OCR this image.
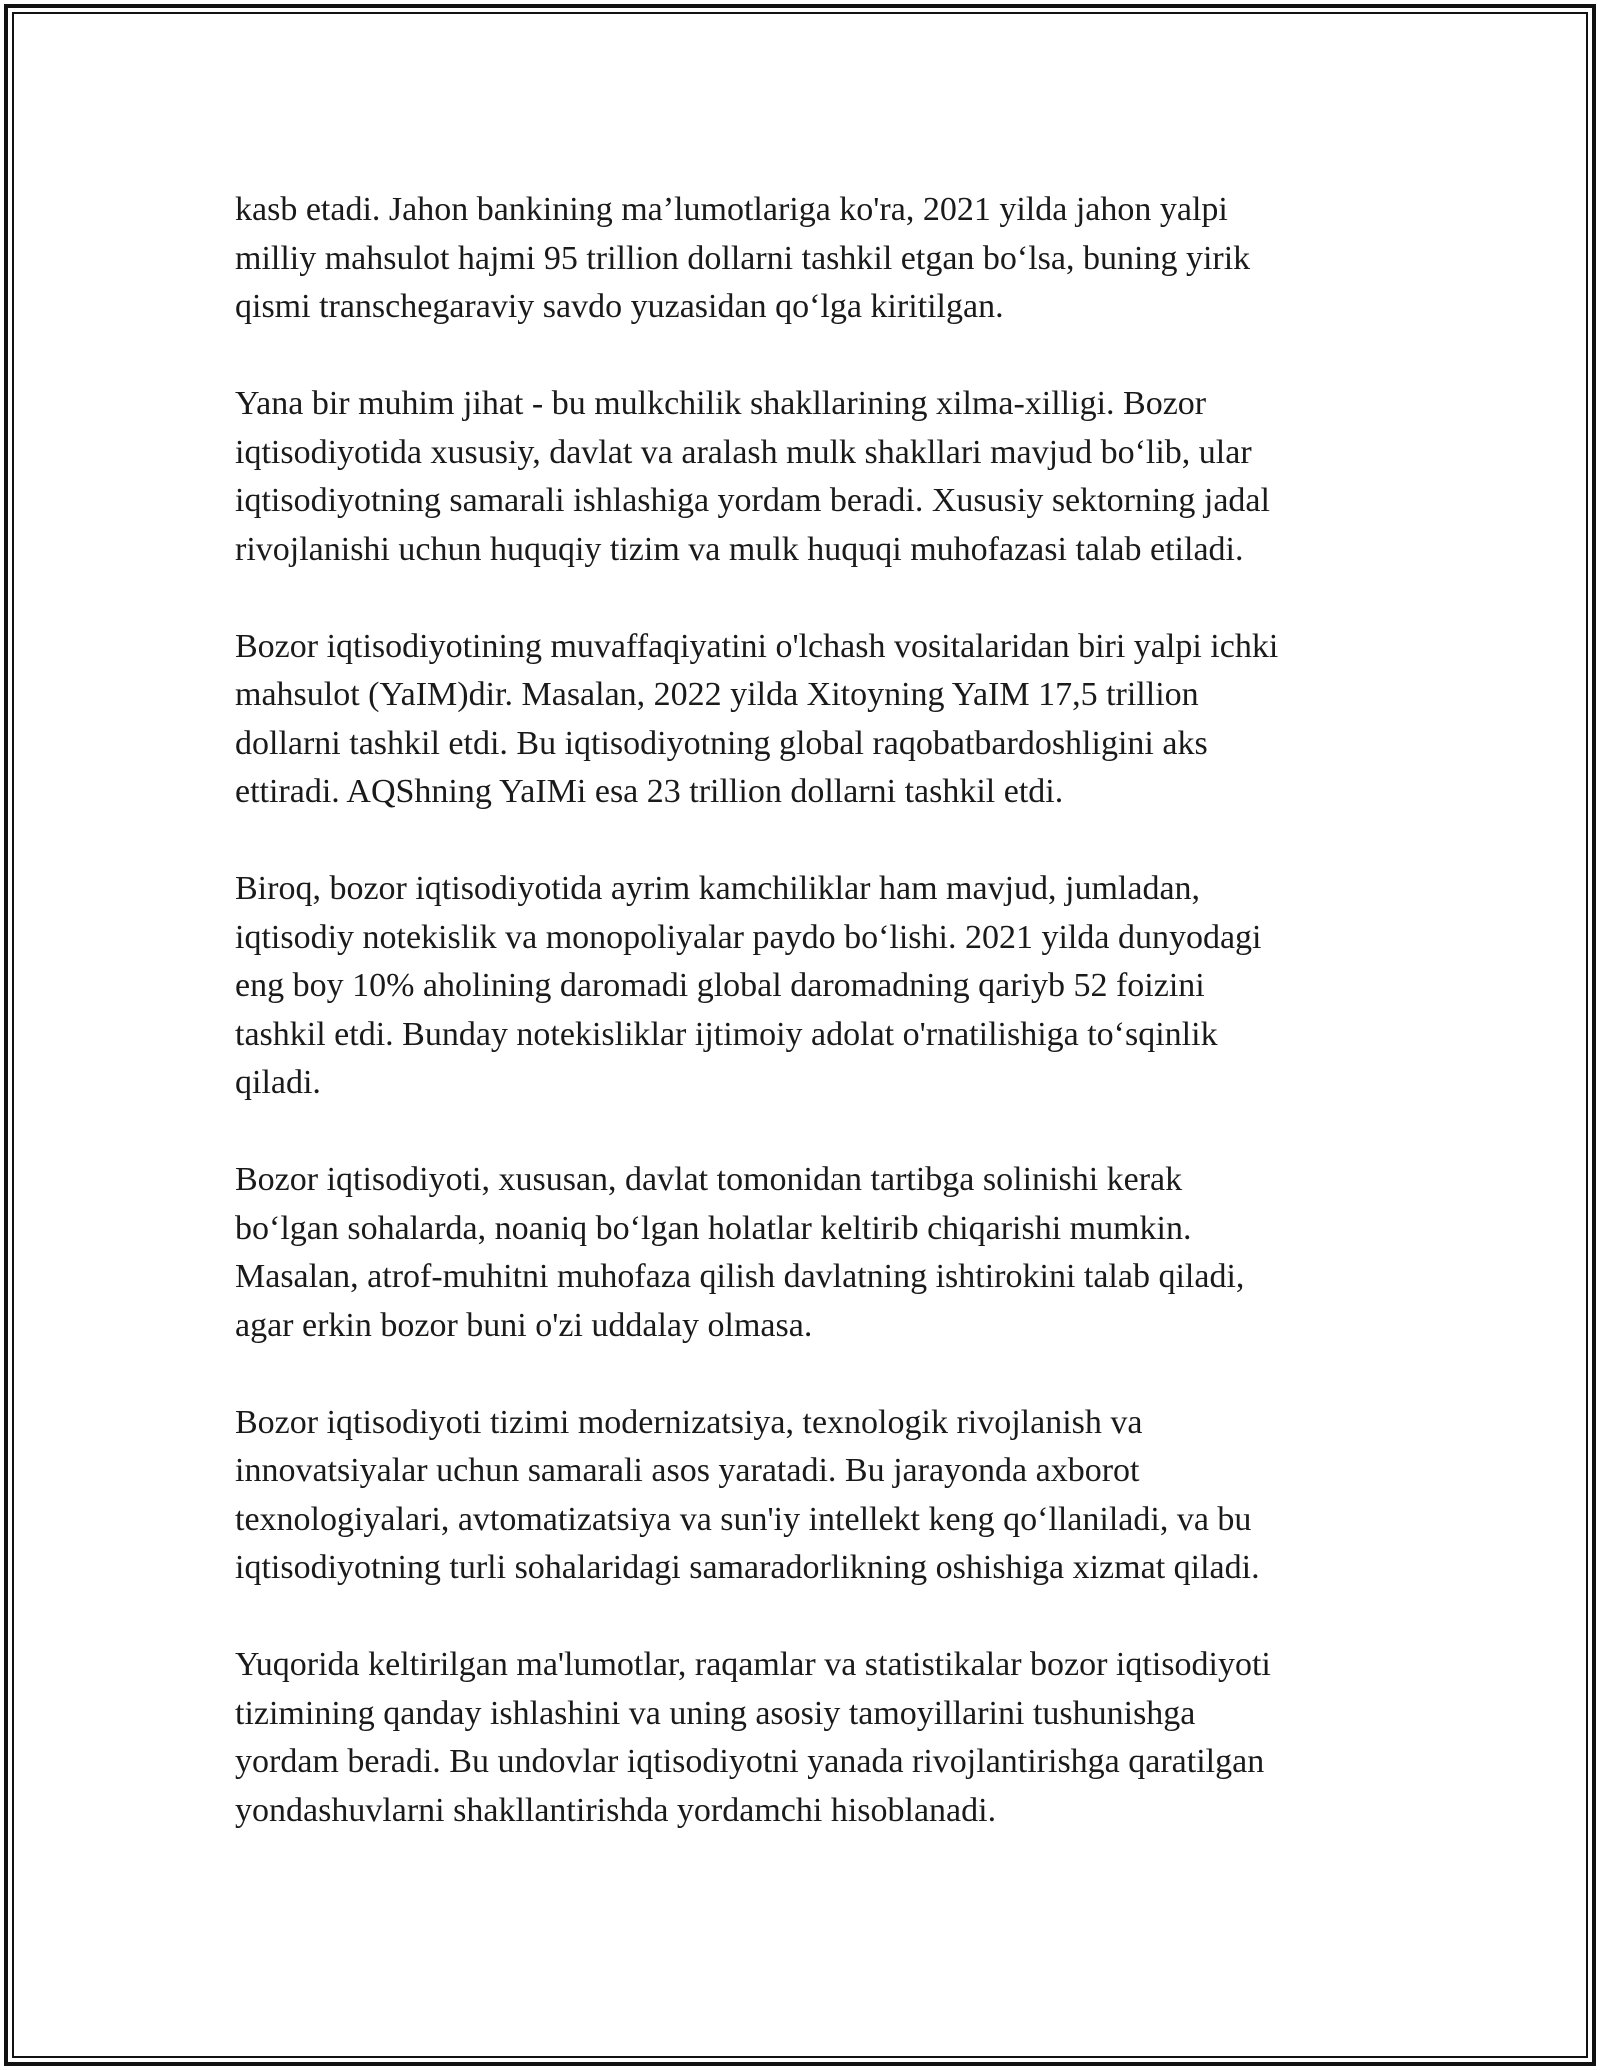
kasb etadi. Jahon bankining ma’lumotlariga ko'ra, 2021 yilda jahon yalpi
milliy mahsulot hajmi 95 trillion dollarni tashkil etgan bo‘lsa, buning yirik
qismi transchegaraviy savdo yuzasidan qo‘lga kiritilgan.

Yana bir muhim jihat - bu mulkchilik shakllarining xilma-xilligi. Bozor
iqtisodiyotida xususiy, davlat va aralash mulk shakllari mavjud bo‘lib, ular
iqtisodiyotning samarali ishlashiga yordam beradi. Xususiy sektorning jadal
rivojlanishi uchun huquqiy tizim va mulk huquqi muhofazasi talab etiladi.

Bozor iqtisodiyotining muvaffaqiyatini o'lchash vositalaridan biri yalpi ichki
mahsulot (YaIM)dir. Masalan, 2022 yilda Xitoyning YaIM 17,5 trillion
dollarni tashkil etdi. Bu iqtisodiyotning global raqobatbardoshligini aks
ettiradi. AQShning YaIMi esa 23 trillion dollarni tashkil etdi.

Biroq, bozor iqtisodiyotida ayrim kamchiliklar ham mavjud, jumladan,
iqtisodiy notekislik va monopoliyalar paydo bo‘lishi. 2021 yilda dunyodagi
eng boy 10% aholining daromadi global daromadning qariyb 52 foizini
tashkil etdi. Bunday notekisliklar ijtimoiy adolat o'rnatilishiga to‘sqinlik
qiladi.

Bozor iqtisodiyoti, xususan, davlat tomonidan tartibga solinishi kerak
bo‘lgan sohalarda, noaniq bo‘lgan holatlar keltirib chiqarishi mumkin.
Masalan, atrof-muhitni muhofaza qilish davlatning ishtirokini talab qiladi,
agar erkin bozor buni o'zi uddalay olmasa.

Bozor iqtisodiyoti tizimi modernizatsiya, texnologik rivojlanish va
innovatsiyalar uchun samarali asos yaratadi. Bu jarayonda axborot
texnologiyalari, avtomatizatsiya va sun'iy intellekt keng qo‘llaniladi, va bu
iqtisodiyotning turli sohalaridagi samaradorlikning oshishiga xizmat qiladi.

Yuqorida keltirilgan ma'lumotlar, raqamlar va statistikalar bozor iqtisodiyoti
tizimining qanday ishlashini va uning asosiy tamoyillarini tushunishga
yordam beradi. Bu undovlar iqtisodiyotni yanada rivojlantirishga qaratilgan
yondashuvlarni shakllantirishda yordamchi hisoblanadi.
